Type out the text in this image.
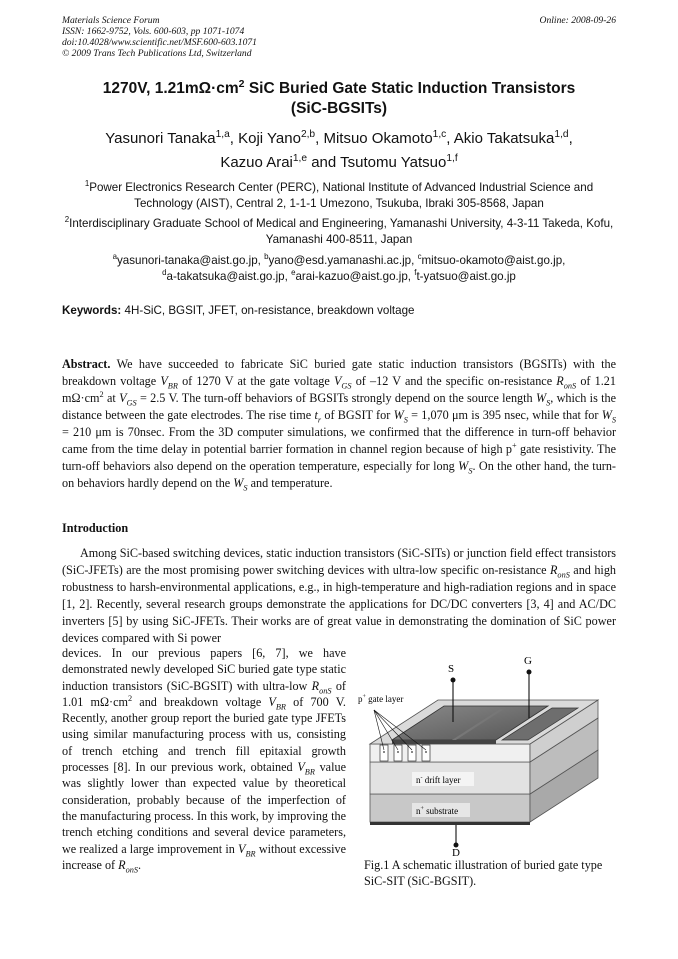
Materials Science Forum
ISSN: 1662-9752, Vols. 600-603, pp 1071-1074
doi:10.4028/www.scientific.net/MSF.600-603.1071
© 2009 Trans Tech Publications Ltd, Switzerland
Online: 2008-09-26
1270V, $1.21m\Omega\cdot cm^2$ SiC Buried Gate Static Induction Transistors
(SiC-BGSITs)
Yasunori Tanaka$^{1,a}$, Koji Yano$^{2,b}$, Mitsuo Okamoto$^{1,c}$, Akio Takatsuka$^{1,d}$,
Kazuo Arai$^{1,e}$ and Tsutomu Yatsuo$^{1,f}$
$^1$Power Electronics Research Center (PERC), National Institute of Advanced Industrial Science and Technology (AIST), Central 2, 1-1-1 Umezono, Tsukuba, Ibraki 305-8568, Japan
$^2$Interdisciplinary Graduate School of Medical and Engineering, Yamanashi University, 4-3-11 Takeda, Kofu, Yamanashi 400-8511, Japan
$^a$yasunori-tanaka@aist.go.jp, $^b$yano@esd.yamanashi.ac.jp, $^c$mitsuo-okamoto@aist.go.jp,
$^d$a-takatsuka@aist.go.jp, $^e$arai-kazuo@aist.go.jp, $^f$t-yatsuo@aist.go.jp
Keywords: 4H-SiC, BGSIT, JFET, on-resistance, breakdown voltage
Abstract. We have succeeded to fabricate SiC buried gate static induction transistors (BGSITs) with the breakdown voltage $V_{BR}$ of 1270 V at the gate voltage $V_{GS}$ of –12 V and the specific on-resistance $R_{onS}$ of 1.21 $m\Omega\cdot cm^2$ at $V_{GS} = 2.5$ V. The turn-off behaviors of BGSITs strongly depend on the source length $W_S$, which is the distance between the gate electrodes. The rise time $t_r$ of BGSIT for $W_S = 1,070$ μm is 395 nsec, while that for $W_S = 210$ μm is 70nsec. From the 3D computer simulations, we confirmed that the difference in turn-off behavior came from the time delay in potential barrier formation in channel region because of high p+ gate resistivity. The turn-off behaviors also depend on the operation temperature, especially for long $W_S$. On the other hand, the turn-on behaviors hardly depend on the $W_S$ and temperature.
Introduction
Among SiC-based switching devices, static induction transistors (SiC-SITs) or junction field effect transistors (SiC-JFETs) are the most promising power switching devices with ultra-low specific on-resistance $R_{onS}$ and high robustness to harsh-environmental applications, e.g., in high-temperature and high-radiation regions and in space [1, 2]. Recently, several research groups demonstrate the applications for DC/DC converters [3, 4] and AC/DC inverters [5] by using SiC-JFETs. Their works are of great value in demonstrating the domination of SiC power devices compared with Si power
devices. In our previous papers [6, 7], we have demonstrated newly developed SiC buried gate type static induction transistors (SiC-BGSIT) with ultra-low $R_{onS}$ of 1.01 $m\Omega\cdot cm^2$ and breakdown voltage $V_{BR}$ of 700 V. Recently, another group report the buried gate type JFETs using similar manufacturing process with us, consisting of trench etching and trench fill epitaxial growth processes [8]. In our previous work, obtained $V_{BR}$ value was slightly lower than expected value by theoretical consideration, probably because of the imperfection of the manufacturing process. In this work, by improving the trench etching conditions and several device parameters, we realized a large improvement in $V_{BR}$ without excessive increase of $R_{onS}$.
S
G
D
p+ gate layer
n- drift layer
n+ substrate
Fig.1 A schematic illustration of buried gate type SiC-SIT (SiC-BGSIT).
